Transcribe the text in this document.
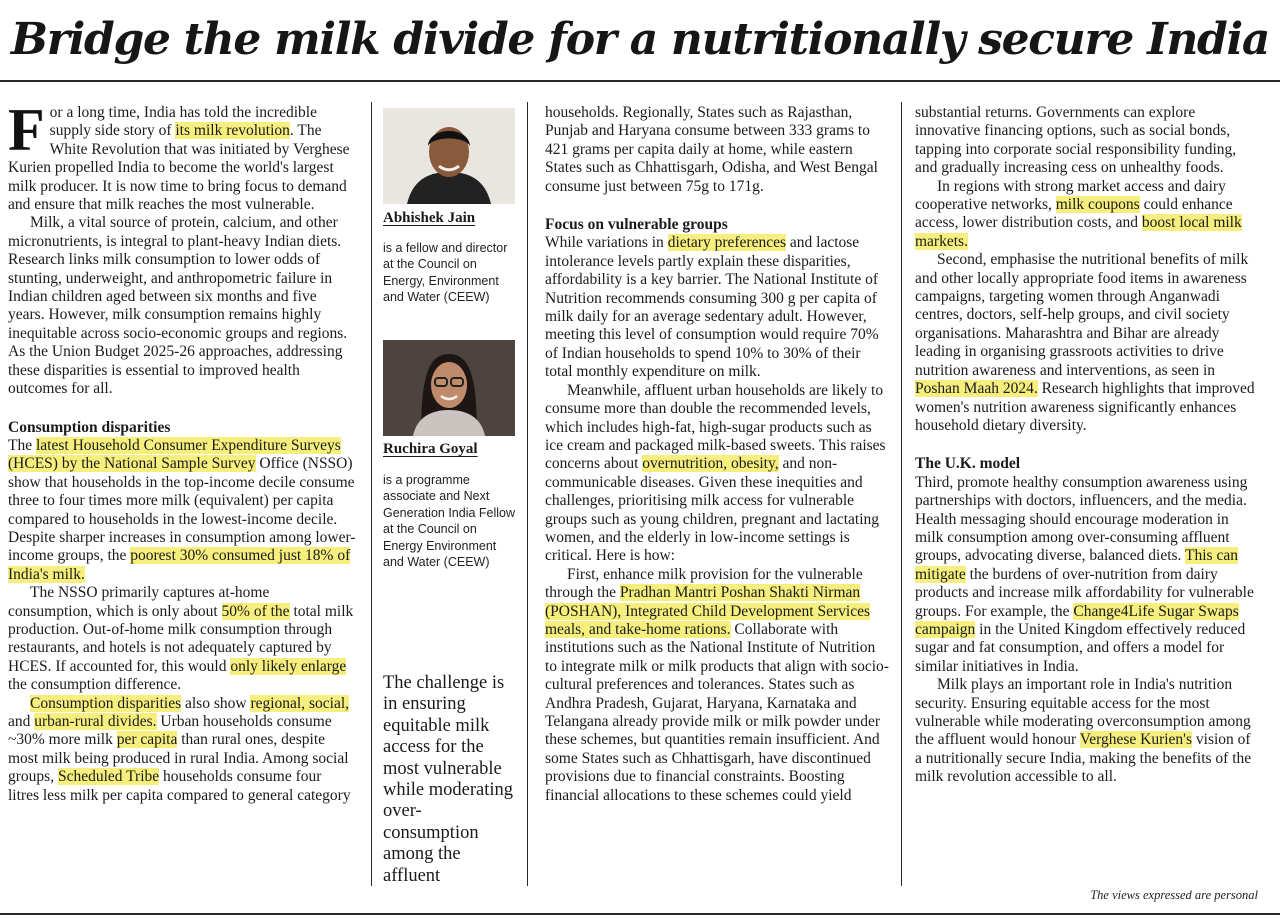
Bridge the milk divide for a nutritionally secure India

For a long time, India has told the incredible supply side story of its milk revolution. The White Revolution that was initiated by Verghese Kurien propelled India to become the world's largest milk producer. It is now time to bring focus to demand and ensure that milk reaches the most vulnerable.

Milk, a vital source of protein, calcium, and other micronutrients, is integral to plant-heavy Indian diets. Research links milk consumption to lower odds of stunting, underweight, and anthropometric failure in Indian children aged between six months and five years. However, milk consumption remains highly inequitable across socio-economic groups and regions. As the Union Budget 2025-26 approaches, addressing these disparities is essential to improved health outcomes for all.

Consumption disparities

The latest Household Consumer Expenditure Surveys (HCES) by the National Sample Survey Office (NSSO) show that households in the top-income decile consume three to four times more milk (equivalent) per capita compared to households in the lowest-income decile. Despite sharper increases in consumption among lower-income groups, the poorest 30% consumed just 18% of India's milk.

The NSSO primarily captures at-home consumption, which is only about 50% of the total milk production. Out-of-home milk consumption through restaurants, and hotels is not adequately captured by HCES. If accounted for, this would only likely enlarge the consumption difference.

Consumption disparities also show regional, social, and urban-rural divides. Urban households consume ~30% more milk per capita than rural ones, despite most milk being produced in rural India. Among social groups, Scheduled Tribe households consume four litres less milk per capita compared to general category

Abhishek Jain
is a fellow and director at the Council on Energy, Environment and Water (CEEW)
Ruchira Goyal
is a programme associate and Next Generation India Fellow at the Council on Energy Environment and Water (CEEW)
The challenge is in ensuring equitable milk access for the most vulnerable while moderating over-consumption among the affluent

households. Regionally, States such as Rajasthan, Punjab and Haryana consume between 333 grams to 421 grams per capita daily at home, while eastern States such as Chhattisgarh, Odisha, and West Bengal consume just between 75g to 171g.

Focus on vulnerable groups

While variations in dietary preferences and lactose intolerance levels partly explain these disparities, affordability is a key barrier. The National Institute of Nutrition recommends consuming 300 g per capita of milk daily for an average sedentary adult. However, meeting this level of consumption would require 70% of Indian households to spend 10% to 30% of their total monthly expenditure on milk.

Meanwhile, affluent urban households are likely to consume more than double the recommended levels, which includes high-fat, high-sugar products such as ice cream and packaged milk-based sweets. This raises concerns about overnutrition, obesity, and non-communicable diseases. Given these inequities and challenges, prioritising milk access for vulnerable groups such as young children, pregnant and lactating women, and the elderly in low-income settings is critical. Here is how:

First, enhance milk provision for the vulnerable through the Pradhan Mantri Poshan Shakti Nirman (POSHAN), Integrated Child Development Services meals, and take-home rations. Collaborate with institutions such as the National Institute of Nutrition to integrate milk or milk products that align with socio-cultural preferences and tolerances. States such as Andhra Pradesh, Gujarat, Haryana, Karnataka and Telangana already provide milk or milk powder under these schemes, but quantities remain insufficient. And some States such as Chhattisgarh, have discontinued provisions due to financial constraints. Boosting financial allocations to these schemes could yield

substantial returns. Governments can explore innovative financing options, such as social bonds, tapping into corporate social responsibility funding, and gradually increasing cess on unhealthy foods.

In regions with strong market access and dairy cooperative networks, milk coupons could enhance access, lower distribution costs, and boost local milk markets.

Second, emphasise the nutritional benefits of milk and other locally appropriate food items in awareness campaigns, targeting women through Anganwadi centres, doctors, self-help groups, and civil society organisations. Maharashtra and Bihar are already leading in organising grassroots activities to drive nutrition awareness and interventions, as seen in Poshan Maah 2024. Research highlights that improved women's nutrition awareness significantly enhances household dietary diversity.

The U.K. model

Third, promote healthy consumption awareness using partnerships with doctors, influencers, and the media. Health messaging should encourage moderation in milk consumption among over-consuming affluent groups, advocating diverse, balanced diets. This can mitigate the burdens of over-nutrition from dairy products and increase milk affordability for vulnerable groups. For example, the Change4Life Sugar Swaps campaign in the United Kingdom effectively reduced sugar and fat consumption, and offers a model for similar initiatives in India.

Milk plays an important role in India's nutrition security. Ensuring equitable access for the most vulnerable while moderating overconsumption among the affluent would honour Verghese Kurien's vision of a nutritionally secure India, making the benefits of the milk revolution accessible to all.

The views expressed are personal
